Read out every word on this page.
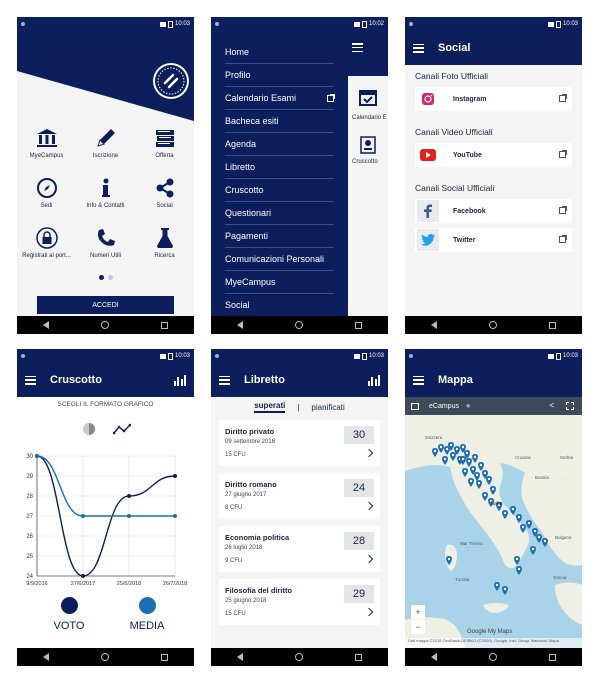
10:03
MyeCampus	Iscrizione	Offerta
Sedi	Info & Contatti	Social
Registrati al port...	Numeri Utili	Ricerca
ACCEDI
10:02
Calendario E
Cruscotto
Home
Profilo
Calendario Esami
Bacheca esiti
Agenda
Libretto
Cruscotto
Questionari
Pagamenti
Comunicazioni Personali
MyeCampus
Social
10:03
Social
Canali Foto Ufficiali
Instagram
Canali Video Ufficiali
YouTube
Canali Social Ufficiali
Facebook
Twitter
10:03
Cruscotto
SCEGLI IL FORMATO GRAFICO
24
25
26
27
28
29
30
9/9/2016	27/6/2017	25/6/2018	26/7/2018
VOTO	MEDIA
10:03
Libretto
superati | pianificati
Diritto privato
09 settembre 2016
15 CFU
30
Diritto romano
27 giugno 2017
8 CFU
24
Economia politica
26 luglio 2018
9 CFU
28
Filosofia del diritto
25 giugno 2018
15 CFU
29
10:03
Mappa
eCampus ★	<
Svizzera
Croazia
Bosnia
Serbia
Italia
Bulgaria
Mar Tirreno
Tunisia	Grecia
+
−	Google My Maps
Dati mappa ©2018 GeoBasis-DE/BKG (©2009), Google, Inst. Geogr. Nacional, Mapa
